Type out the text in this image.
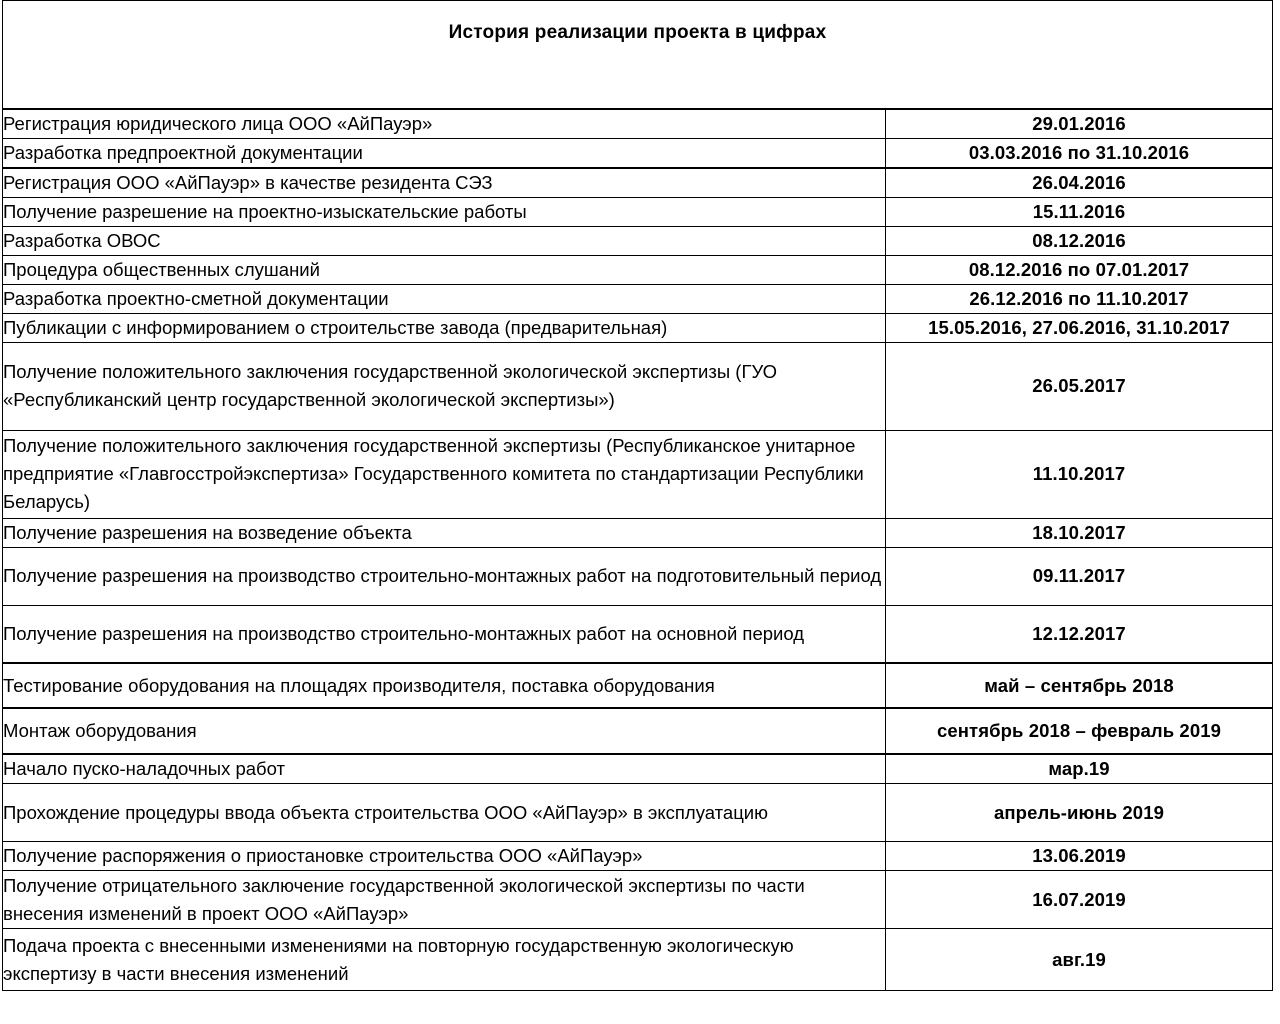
История реализации проекта в цифрах	

Регистрация юридического лица ООО «АйПауэр»	29.01.2016
Разработка предпроектной документации	03.03.2016 по 31.10.2016
Регистрация ООО «АйПауэр» в качестве резидента СЭЗ	26.04.2016
Получение разрешение на проектно-изыскательские работы	15.11.2016
Разработка ОВОС	08.12.2016
Процедура общественных слушаний	08.12.2016 по 07.01.2017
Разработка проектно-сметной документации	26.12.2016 по 11.10.2017
Публикации с информированием о строительстве завода (предварительная)	15.05.2016, 27.06.2016, 31.10.2017
Получение положительного заключения государственной экологической экспертизы (ГУО «Республиканский центр государственной экологической экспертизы»)	26.05.2017
Получение положительного заключения государственной экспертизы (Республиканское унитарное предприятие «Главгосстройэкспертиза» Государственного комитета по стандартизации Республики Беларусь)	11.10.2017
Получение разрешения на возведение объекта	18.10.2017
Получение разрешения на производство строительно-монтажных работ на подготовительный период	09.11.2017
Получение разрешения на производство строительно-монтажных работ на основной период	12.12.2017
Тестирование оборудования на площадях производителя, поставка оборудования	май – сентябрь 2018
Монтаж оборудования	сентябрь 2018 – февраль 2019
Начало пуско-наладочных работ	мар.19
Прохождение процедуры ввода объекта строительства ООО «АйПауэр» в эксплуатацию	апрель-июнь 2019
Получение распоряжения о приостановке строительства ООО «АйПауэр»	13.06.2019
Получение отрицательного заключение государственной экологической экспертизы по части внесения изменений в проект ООО «АйПауэр»	16.07.2019
Подача проекта с внесенными изменениями на повторную государственную экологическую экспертизу в части внесения изменений	авг.19
